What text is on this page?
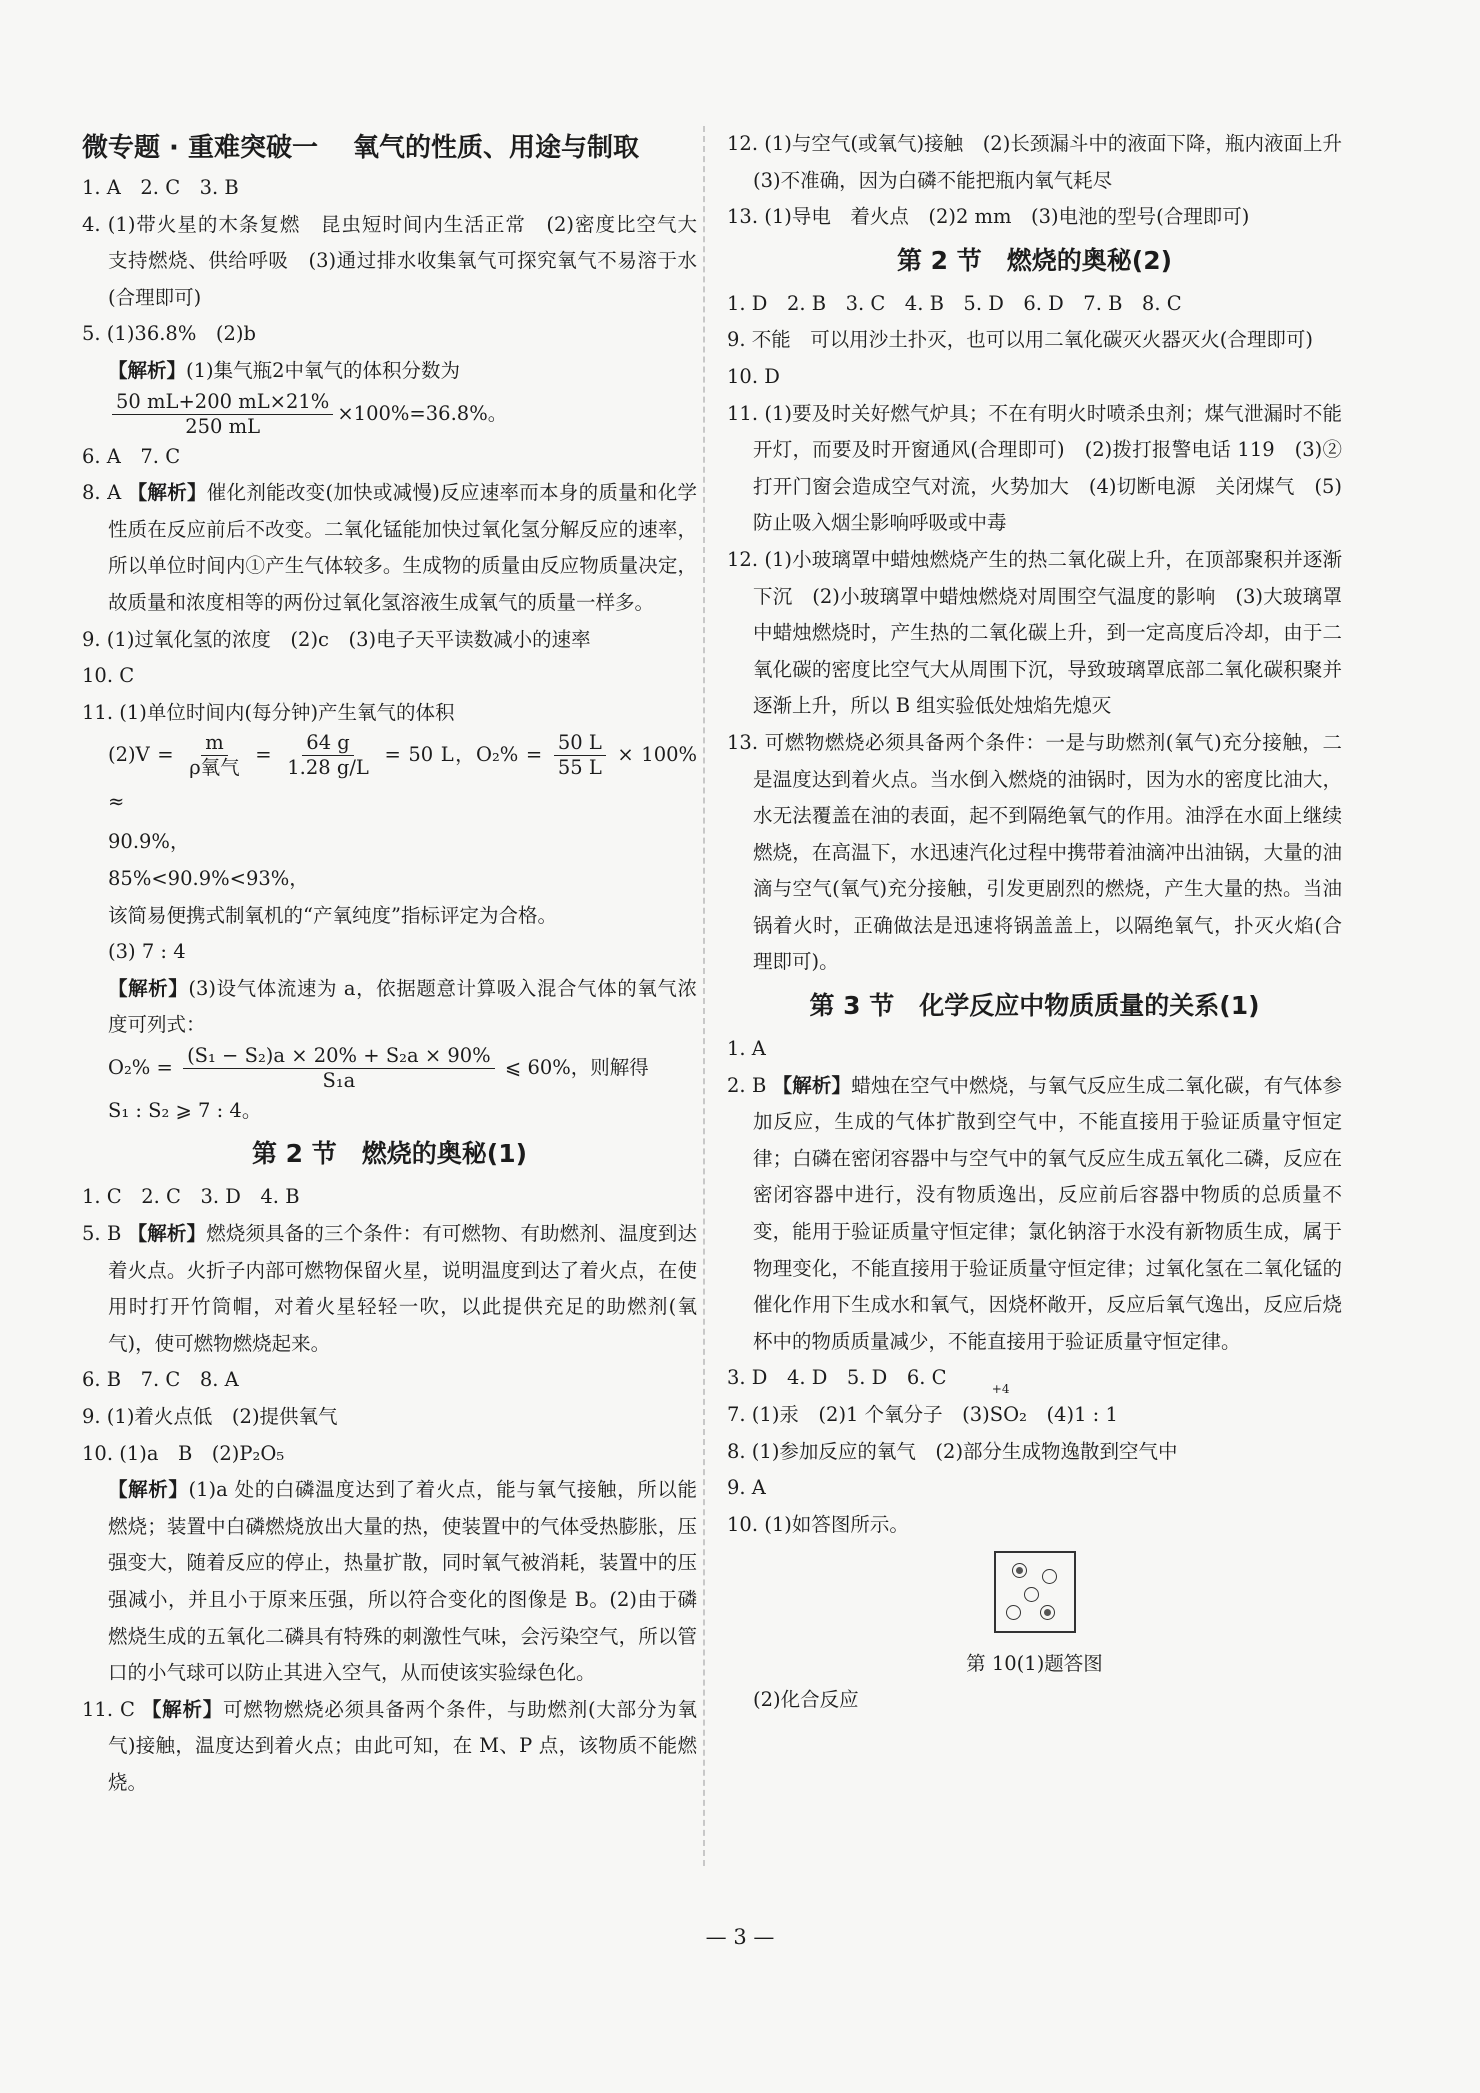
微专题 · 重难突破一　 氧气的性质、用途与制取

1. A　2. C　3. B

4. (1)带火星的木条复燃　昆虫短时间内生活正常　(2)密度比空气大　支持燃烧、供给呼吸　(3)通过排水收集氧气可探究氧气不易溶于水(合理即可)

5. (1)36.8%　(2)b

【解析】(1)集气瓶2中氧气的体积分数为

$\frac{50 mL+200 mL\times 21\%}{250 mL} \times 100\%=36.8\%$。

6. A　7. C

8. A 【解析】催化剂能改变(加快或减慢)反应速率而本身的质量和化学性质在反应前后不改变。二氧化锰能加快过氧化氢分解反应的速率，所以单位时间内①产生气体较多。生成物的质量由反应物质量决定，故质量和浓度相等的两份过氧化氢溶液生成氧气的质量一样多。

9. (1)过氧化氢的浓度　(2)c　(3)电子天平读数减小的速率

10. C

11. (1)单位时间内(每分钟)产生氧气的体积

$(2)V = \frac{m}{\text{ρ氧气}} = \frac{64 g}{1.28 g/L} = 50$ L，$O_2\% = \frac{50 L}{55 L} \times 100\%$ ≈

90.9%，

85%<90.9%<93%，

该简易便携式制氧机的“产氧纯度”指标评定为合格。

(3) 7 : 4

【解析】(3)设气体流速为 a，依据题意计算吸入混合气体的氧气浓度可列式：

$O_2\% = \frac{\text{(S₁ − S₂)a × 20\% + S₂a × 90\%}}{\text{S₁a}}$ ⩽ 60%，则解得

S₁ : S₂ ⩾ 7 : 4。

第 2 节　燃烧的奥秘(1)

1. C　2. C　3. D　4. B

5. B 【解析】燃烧须具备的三个条件：有可燃物、有助燃剂、温度到达着火点。火折子内部可燃物保留火星，说明温度到达了着火点，在使用时打开竹筒帽，对着火星轻轻一吹，以此提供充足的助燃剂(氧气)，使可燃物燃烧起来。

6. B　7. C　8. A

9. (1)着火点低　(2)提供氧气

10. (1)a　B　(2)P₂O₅

【解析】(1)a 处的白磷温度达到了着火点，能与氧气接触，所以能燃烧；装置中白磷燃烧放出大量的热，使装置中的气体受热膨胀，压强变大，随着反应的停止，热量扩散，同时氧气被消耗，装置中的压强减小，并且小于原来压强，所以符合变化的图像是 B。(2)由于磷燃烧生成的五氧化二磷具有特殊的刺激性气味，会污染空气，所以管口的小气球可以防止其进入空气，从而使该实验绿色化。

11. C 【解析】可燃物燃烧必须具备两个条件，与助燃剂(大部分为氧气)接触，温度达到着火点；由此可知，在 M、P 点，该物质不能燃烧。

12. (1)与空气(或氧气)接触　(2)长颈漏斗中的液面下降，瓶内液面上升　(3)不准确，因为白磷不能把瓶内氧气耗尽

13. (1)导电　着火点　(2)2 mm　(3)电池的型号(合理即可)

第 2 节　燃烧的奥秘(2)

1. D　2. B　3. C　4. B　5. D　6. D　7. B　8. C

9. 不能　可以用沙土扑灭，也可以用二氧化碳灭火器灭火(合理即可)

10. D

11. (1)要及时关好燃气炉具；不在有明火时喷杀虫剂；煤气泄漏时不能开灯，而要及时开窗通风(合理即可)　(2)拨打报警电话 119　(3)②　打开门窗会造成空气对流，火势加大　(4)切断电源　关闭煤气　(5)防止吸入烟尘影响呼吸或中毒

12. (1)小玻璃罩中蜡烛燃烧产生的热二氧化碳上升，在顶部聚积并逐渐下沉　(2)小玻璃罩中蜡烛燃烧对周围空气温度的影响　(3)大玻璃罩中蜡烛燃烧时，产生热的二氧化碳上升，到一定高度后冷却，由于二氧化碳的密度比空气大从周围下沉，导致玻璃罩底部二氧化碳积聚并逐渐上升，所以 B 组实验低处烛焰先熄灭

13. 可燃物燃烧必须具备两个条件：一是与助燃剂(氧气)充分接触，二是温度达到着火点。当水倒入燃烧的油锅时，因为水的密度比油大，水无法覆盖在油的表面，起不到隔绝氧气的作用。油浮在水面上继续燃烧，在高温下，水迅速汽化过程中携带着油滴冲出油锅，大量的油滴与空气(氧气)充分接触，引发更剧烈的燃烧，产生大量的热。当油锅着火时，正确做法是迅速将锅盖盖上，以隔绝氧气，扑灭火焰(合理即可)。

第 3 节　化学反应中物质质量的关系(1)

1. A

2. B 【解析】蜡烛在空气中燃烧，与氧气反应生成二氧化碳，有气体参加反应，生成的气体扩散到空气中，不能直接用于验证质量守恒定律；白磷在密闭容器中与空气中的氧气反应生成五氧化二磷，反应在密闭容器中进行，没有物质逸出，反应前后容器中物质的总质量不变，能用于验证质量守恒定律；氯化钠溶于水没有新物质生成，属于物理变化，不能直接用于验证质量守恒定律；过氧化氢在二氧化锰的催化作用下生成水和氧气，因烧杯敞开，反应后氧气逸出，反应后烧杯中的物质质量减少，不能直接用于验证质量守恒定律。

3. D　4. D　5. D　6. C

7. (1)汞　(2)1 个氧分子　(3)
+4
SO₂　(4)1 : 1

8. (1)参加反应的氧气　(2)部分生成物逸散到空气中

9. A

10. (1)如答图所示。

第 10(1)题答图

(2)化合反应

— 3 —
